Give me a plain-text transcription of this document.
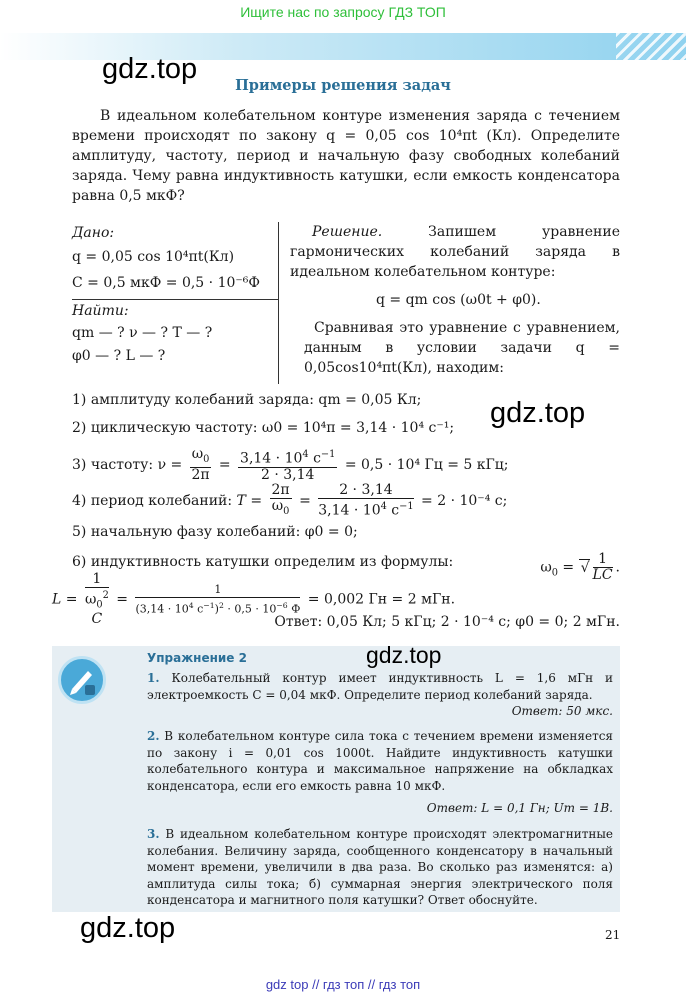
Ищите нас по запросу ГДЗ ТОП
gdz.top
Примеры решения задач
В идеальном колебательном контуре изменения заряда с течением времени происходят по закону q = 0,05 cos 10⁴πt (Кл). Определите амплитуду, частоту, период и начальную фазу свободных колебаний заряда. Чему равна индуктивность катушки, если емкость конденсатора равна 0,5 мкФ?
Дано:
q = 0,05 cos 10⁴πt(Кл)
C = 0,5 мкФ = 0,5 · 10⁻⁶Ф
Найти:
qm — ? ν — ? T — ?
φ0 — ? L — ?
Решение.	Запишем уравнение гармонических колебаний заряда в идеальном колебательном контуре:
q = qm cos (ω0t + φ0).
Сравнивая это уравнение с уравнением, данным в условии задачи q = 0,05cos10⁴πt(Кл), находим:
1) амплитуду колебаний заряда: qm = 0,05 Кл; gdz.top
2) циклическую частоту: ω0 = 10⁴π = 3,14 · 10⁴ с⁻¹;
3) частоту: $\nu = \frac{\omega_0}{2\pi} = \frac{3,14 \cdot 10^4 с^{-1}}{2 \cdot 3,14} = 0,5 \cdot 10^4$ Гц = 5 кГц;
4) период колебаний: $T = \frac{2\pi}{\omega_0} = \frac{2 \cdot 3,14}{3,14 \cdot 10^4 с^{-1}} = 2 \cdot 10^{-4}$ с;
5) начальную фазу колебаний: φ0 = 0;
6) индуктивность катушки определим из формулы:	$\omega_0$ = √ $\frac{1}{LC}$ .
L = 1
$\omega_0^2$
$C = \frac{1}{(3,14 \cdot 10^4 с^{-1})^2 \cdot 0,5 \cdot 10^{-6} Ф} = 0,002$ Гн = 2 мГн.
Ответ: 0,05 Кл; 5 кГц; 2 · 10⁻⁴ с; φ0 = 0; 2 мГн.
Упражнение 2	gdz.top
1. Колебательный контур имеет индуктивность L = 1,6 мГн и электроемкость C = 0,04 мкФ. Определите период колебаний заряда.
Ответ: 50 мкс.
2. В колебательном контуре сила тока с течением времени изменяется по закону i = 0,01 cos 1000t. Найдите индуктивность катушки колебательного контура и максимальное напряжение на обкладках конденсатора, если его емкость равна 10 мкФ.
Ответ: L = 0,1 Гн; Um = 1В.
3. В идеальном колебательном контуре происходят электромагнитные колебания. Величину заряда, сообщенного конденсатору в начальный момент времени, увеличили в два раза. Во сколько раз изменятся: а) амплитуда силы тока; б) суммарная энергия электрического поля конденсатора и магнитного поля катушки? Ответ обоснуйте.
gdz.top	21
gdz top // гдз топ // гдз топ
